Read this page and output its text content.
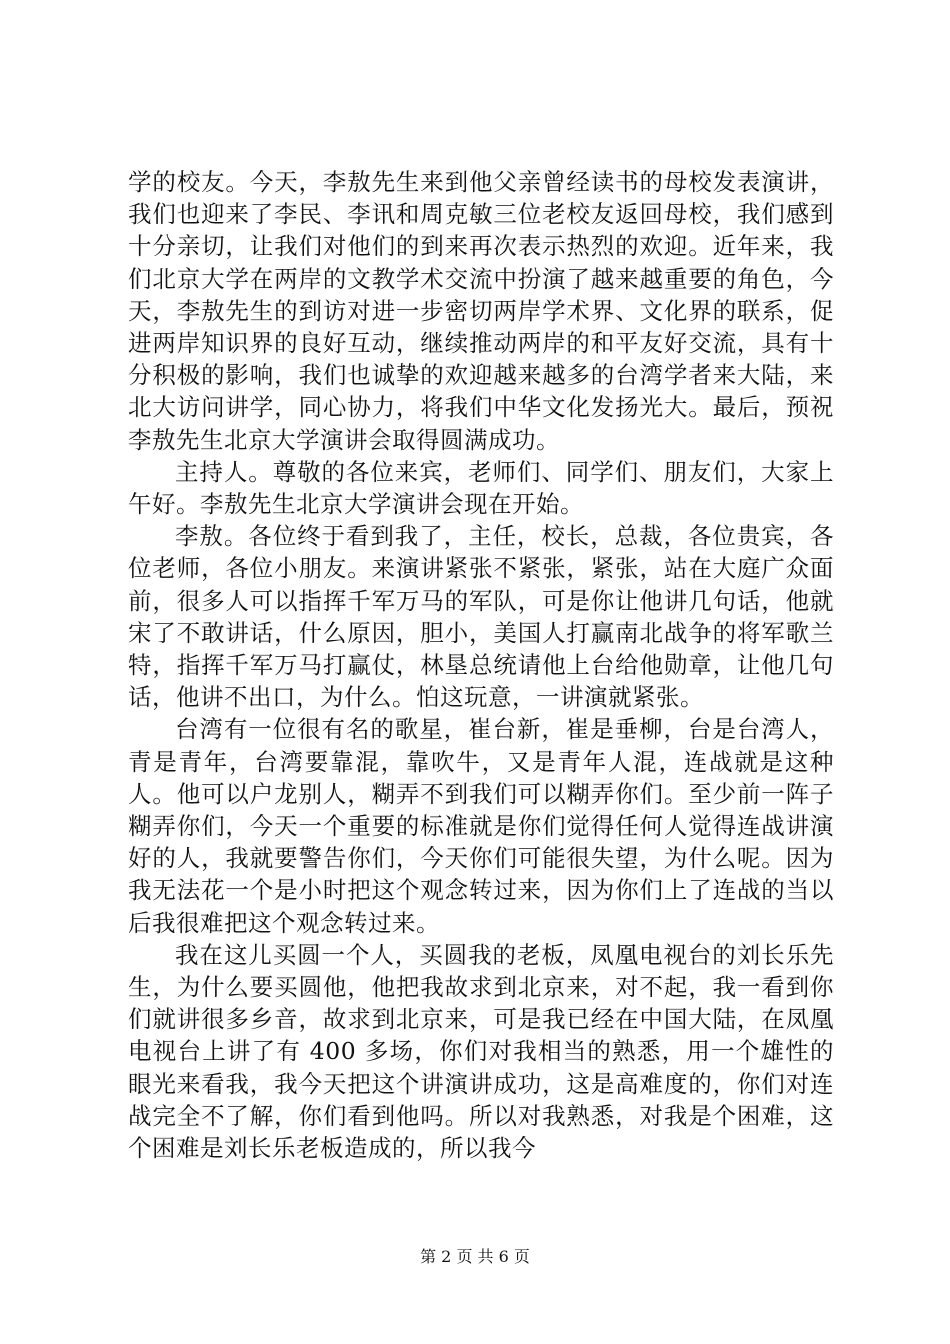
学的校友。今天，李敖先生来到他父亲曾经读书的母校发表演讲，我们也迎来了李民、李讯和周克敏三位老校友返回母校，我们感到十分亲切，让我们对他们的到来再次表示热烈的欢迎。近年来，我们北京大学在两岸的文教学术交流中扮演了越来越重要的角色，今天，李敖先生的到访对进一步密切两岸学术界、文化界的联系，促进两岸知识界的良好互动，继续推动两岸的和平友好交流，具有十分积极的影响，我们也诚挚的欢迎越来越多的台湾学者来大陆，来北大访问讲学，同心协力，将我们中华文化发扬光大。最后，预祝李敖先生北京大学演讲会取得圆满成功。

主持人。尊敬的各位来宾，老师们、同学们、朋友们，大家上午好。李敖先生北京大学演讲会现在开始。

李敖。各位终于看到我了，主任，校长，总裁，各位贵宾，各位老师，各位小朋友。来演讲紧张不紧张，紧张，站在大庭广众面前，很多人可以指挥千军万马的军队，可是你让他讲几句话，他就宋了不敢讲话，什么原因，胆小，美国人打赢南北战争的将军歌兰特，指挥千军万马打赢仗，林垦总统请他上台给他勋章，让他几句话，他讲不出口，为什么。怕这玩意，一讲演就紧张。

台湾有一位很有名的歌星，崔台新，崔是垂柳，台是台湾人，青是青年，台湾要靠混，靠吹牛，又是青年人混，连战就是这种人。他可以户龙别人，糊弄不到我们可以糊弄你们。至少前一阵子糊弄你们，今天一个重要的标准就是你们觉得任何人觉得连战讲演好的人，我就要警告你们，今天你们可能很失望，为什么呢。因为我无法花一个是小时把这个观念转过来，因为你们上了连战的当以后我很难把这个观念转过来。

我在这儿买圆一个人，买圆我的老板，凤凰电视台的刘长乐先生，为什么要买圆他，他把我故求到北京来，对不起，我一看到你们就讲很多乡音，故求到北京来，可是我已经在中国大陆，在凤凰电视台上讲了有 400 多场，你们对我相当的熟悉，用一个雄性的眼光来看我，我今天把这个讲演讲成功，这是高难度的，你们对连战完全不了解，你们看到他吗。所以对我熟悉，对我是个困难，这个困难是刘长乐老板造成的，所以我今

第 2 页 共 6 页
